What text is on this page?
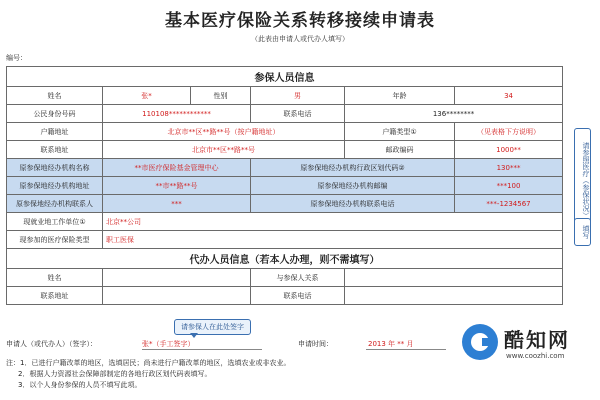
基本医疗保险关系转移接续申请表
（此表由申请人或代办人填写）
编号：
参保人员信息					
姓名	张*	性别	男	年龄	34
公民身份号码	110108************		联系电话	136********	
户籍地址	北京市**区**路**号（按户籍地址）			户籍类型①	（见表格下方说明）
联系地址	北京市**区**路**号			邮政编码	1000**
原参保地经办机构名称	**市医疗保险基金管理中心		原参保地经办机构行政区划代码②		130***
原参保地经办机构地址	**市**路**号		原参保地经办机构邮编		***100
原参保地经办机构联系人	***		原参保地经办机构联系电话		***-1234567
现就业地工作单位①	北京**公司				
现参加的医疗保险类型	职工医保				
代办人员信息（若本人办理，则不需填写）					
姓名			与参保人关系		
联系地址			联系电话		
请参照医疗（参保状况）
填写
请参保人在此处签字
申请人（或代办人）（签字）：	张*（手工签字）	申请时间：	2013 年 ** 月
注：1．已进行户籍改革的地区，选填居民；尚未进行户籍改革的地区，选填农业或非农业。
2．根据人力资源社会保障部制定的各地行政区划代码表填写。
3．以个人身份参保的人员不填写此项。
酷知网
www.coozhi.com
